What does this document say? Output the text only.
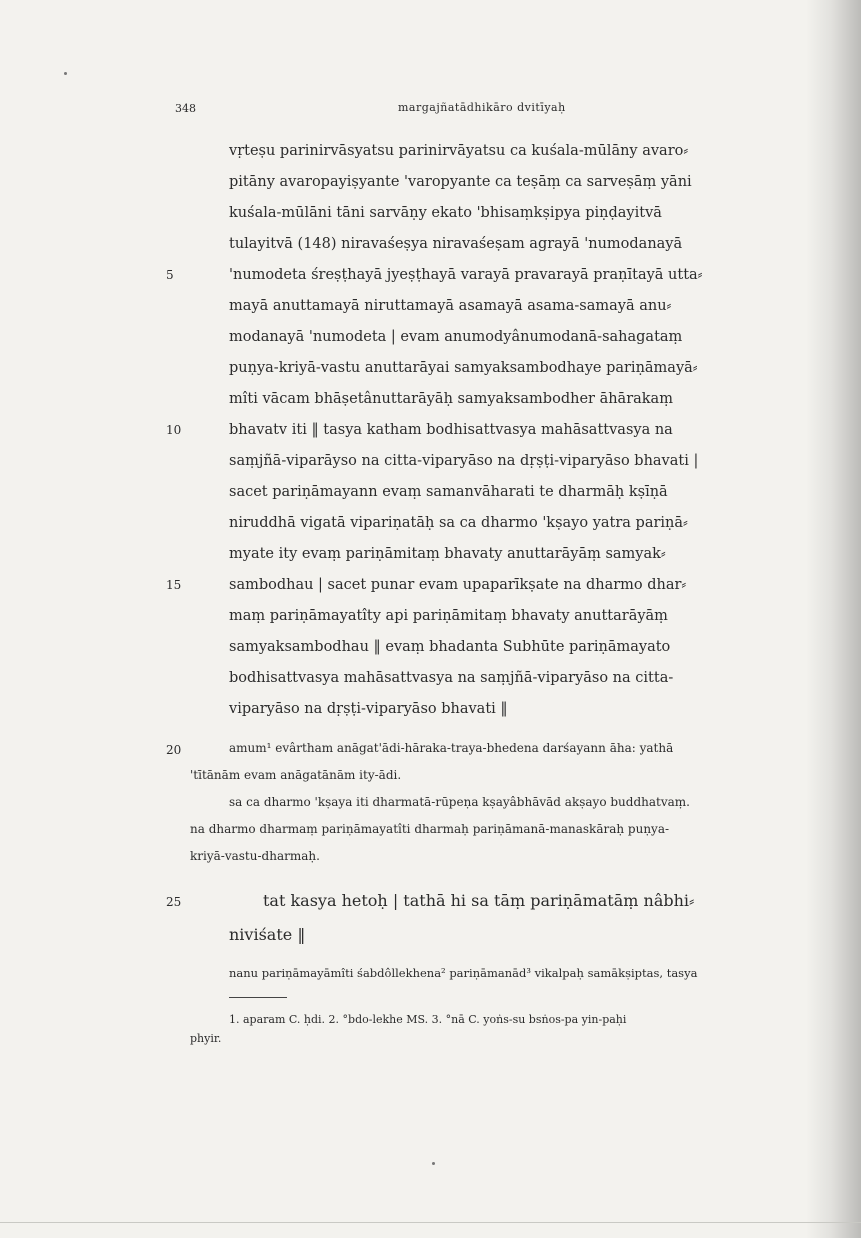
348	margajñatādhikāro dvitīyaḥ
vṛteṣu parinirvāsyatsu parinirvāyatsu ca kuśala-mūlāny avaro⸗
pitāny avaropayiṣyante 'varopyante ca teṣāṃ ca sarveṣāṃ yāni
kuśala-mūlāni tāni sarvāṇy ekato 'bhisaṃkṣipya piṇḍayitvā
tulayitvā (148) niravaśeṣya niravaśeṣam agrayā 'numodanayā
'numodeta śreṣṭhayā jyeṣṭhayā varayā pravarayā praṇītayā utta⸗
mayā anuttamayā niruttamayā asamayā asama-samayā anu⸗
modanayā 'numodeta | evam anumodyânumodanā-sahagataṃ
puṇya-kriyā-vastu anuttarāyai samyaksambodhaye pariṇāmayā⸗
mîti vācam bhāṣetânuttarāyāḥ samyaksambodher āhārakaṃ
bhavatv iti ‖ tasya katham bodhisattvasya mahāsattvasya na
saṃjñā-viparāyso na citta-viparyāso na dṛṣṭi-viparyāso bhavati |
sacet pariṇāmayann evaṃ samanvāharati te dharmāḥ kṣīṇā
niruddhā vigatā vipariṇatāḥ sa ca dharmo 'kṣayo yatra pariṇā⸗
myate ity evaṃ pariṇāmitaṃ bhavaty anuttarāyāṃ samyak⸗
sambodhau | sacet punar evam upaparīkṣate na dharmo dhar⸗
maṃ pariṇāmayatîty api pariṇāmitaṃ bhavaty anuttarāyāṃ
samyaksambodhau ‖ evaṃ bhadanta Subhūte pariṇāmayato
bodhisattvasya mahāsattvasya na saṃjñā-viparyāso na citta-
viparyāso na dṛṣṭi-viparyāso bhavati ‖
5
10
15
20
25
amum¹ evârtham anāgat'ādi-hāraka-traya-bhedena darśayann āha: yathā
'tītānām evam anāgatānām ity-ādi.
sa ca dharmo 'kṣaya iti dharmatā-rūpeṇa kṣayâbhāvād akṣayo buddhatvaṃ.
na dharmo dharmaṃ pariṇāmayatîti dharmaḥ pariṇāmanā-manaskāraḥ puṇya-
kriyā-vastu-dharmaḥ.
tat kasya hetoḥ | tathā hi sa tāṃ pariṇāmatāṃ nâbhi⸗
niviśate ‖
nanu pariṇāmayāmîti śabdôllekhena² pariṇāmanād³ vikalpaḥ samākṣiptas, tasya
1. aparam C. ḥdi. 2. °bdo-lekhe MS. 3. °nā C. yoṅs-su bsṅos-pa yin-paḥi
phyir.
